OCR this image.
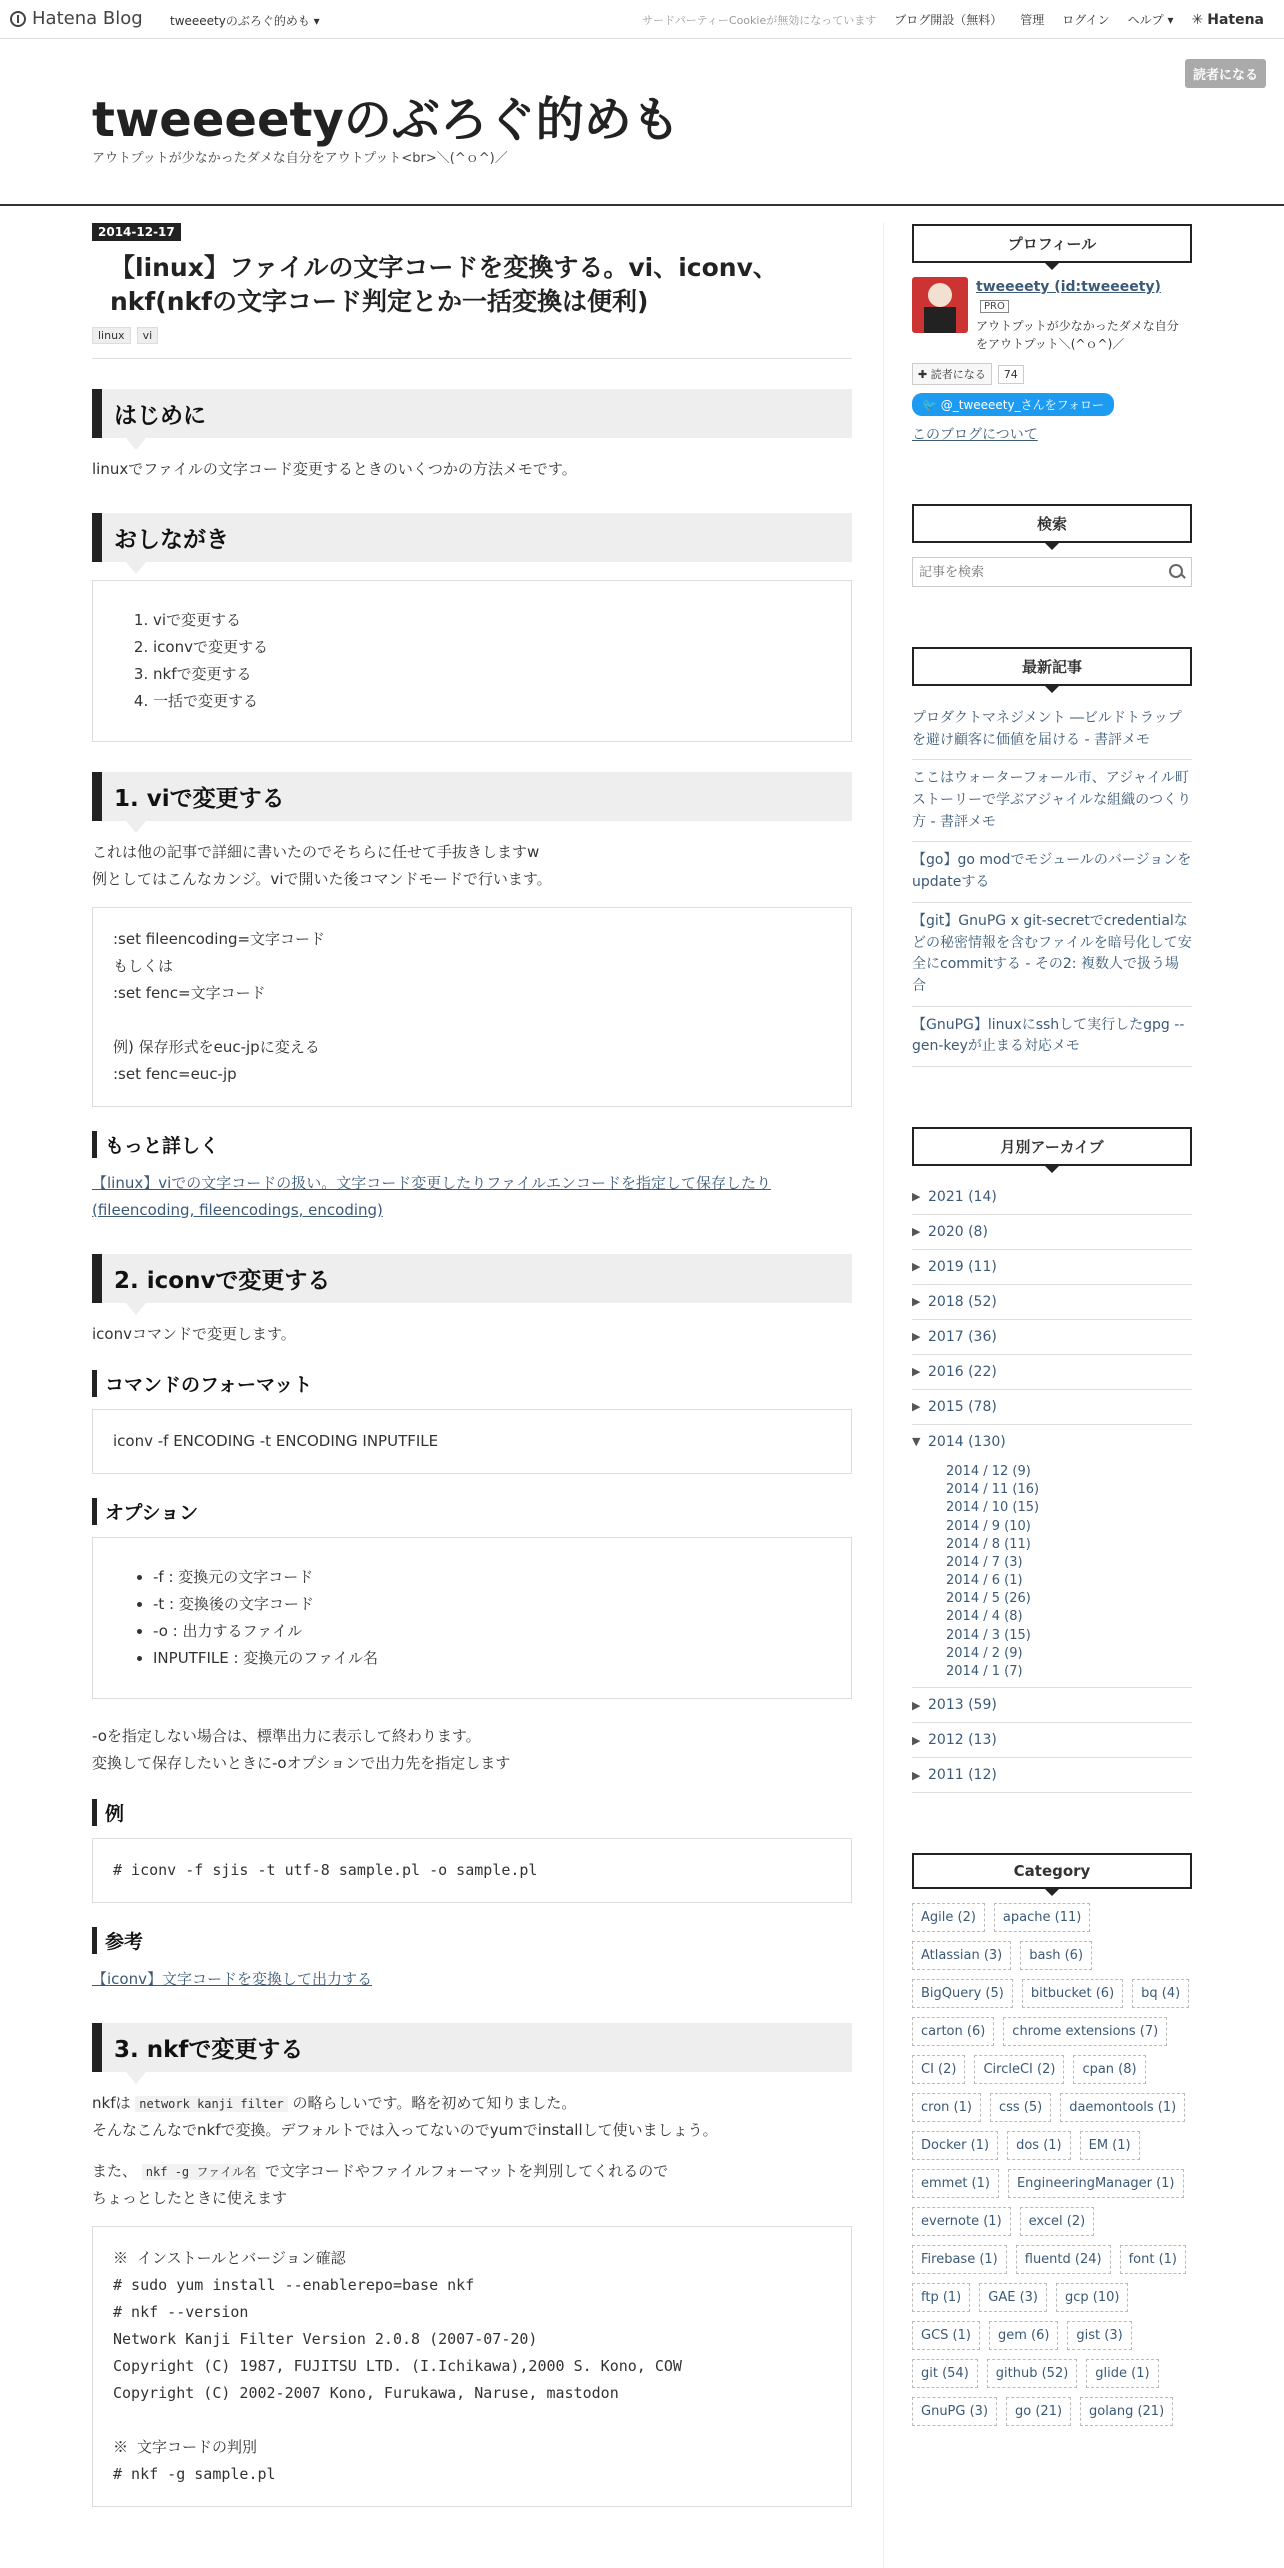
Hatena Blog tweeeetyのぶろぐ的めも ▾	サードパーティーCookieが無効になっています ブログ開設（無料） 管理 ログイン ヘルプ ▾ ✳ Hatena
読者になる
tweeeetyのぶろぐ的めも
アウトプットが少なかったダメな自分をアウトプット<br>＼(^ｏ^)／
2014-12-17
【linux】ファイルの文字コードを変換する。vi、iconv、nkf(nkfの文字コード判定とか一括変換は便利)
linux	vi
はじめに

linuxでファイルの文字コード変更するときのいくつかの方法メモです。

おしながき
1. viで変更する
2. iconvで変更する
3. nkfで変更する
4. 一括で変更する
1. viで変更する

これは他の記事で詳細に書いたのでそちらに任せて手抜きしますw

例としてはこんなカンジ。viで開いた後コマンドモードで行います。

:set fileencoding=文字コード
もしくは
:set fenc=文字コード
例) 保存形式をeuc-jpに変える
:set fenc=euc-jp
もっと詳しく

【linux】viでの文字コードの扱い。文字コード変更したりファイルエンコードを指定して保存したり(fileencoding, fileencodings, encoding)

2. iconvで変更する

iconvコマンドで変更します。

コマンドのフォーマット
iconv -f ENCODING -t ENCODING INPUTFILE
オプション
• -f : 変換元の文字コード
• -t : 変換後の文字コード
• -o : 出力するファイル
• INPUTFILE : 変換元のファイル名

-oを指定しない場合は、標準出力に表示して終わります。

変換して保存したいときに-oオプションで出力先を指定します

例
# iconv -f sjis -t utf-8 sample.pl -o sample.pl
参考

【iconv】文字コードを変換して出力する

3. nkfで変更する

nkfは network kanji filter の略らしいです。略を初めて知りました。

そんなこんなでnkfで変換。デフォルトでは入ってないのでyumでinstallして使いましょう。

また、 nkf -g ファイル名 で文字コードやファイルフォーマットを判別してくれるので

ちょっとしたときに使えます

※ インストールとバージョン確認
# sudo yum install --enablerepo=base nkf
# nkf --version
Network Kanji Filter Version 2.0.8 (2007-07-20)
Copyright (C) 1987, FUJITSU LTD. (I.Ichikawa),2000 S. Kono, COW
Copyright (C) 2002-2007 Kono, Furukawa, Naruse, mastodon
※ 文字コードの判別
# nkf -g sample.pl
プロフィール
tweeeety (id:tweeeety) PRO
アウトプットが少なかったダメな自分をアウトプット＼(^ｏ^)／
✚ 読者になる	74
🐦 @_tweeeety_さんをフォロー
このブログについて
検索
記事を検索
最新記事
プロダクトマネジメント ―ビルドトラップを避け顧客に価値を届ける - 書評メモ
ここはウォーターフォール市、アジャイル町 ストーリーで学ぶアジャイルな組織のつくり方 - 書評メモ
【go】go modでモジュールのバージョンをupdateする
【git】GnuPG x git-secretでcredentialなどの秘密情報を含むファイルを暗号化して安全にcommitする - その2: 複数人で扱う場合
【GnuPG】linuxにsshして実行したgpg --gen-keyが止まる対応メモ
月別アーカイブ
▶ 2021 (14)
▶ 2020 (8)
▶ 2019 (11)
▶ 2018 (52)
▶ 2017 (36)
▶ 2016 (22)
▶ 2015 (78)
▼ 2014 (130)
2014 / 12 (9)
2014 / 11 (16)
2014 / 10 (15)
2014 / 9 (10)
2014 / 8 (11)
2014 / 7 (3)
2014 / 6 (1)
2014 / 5 (26)
2014 / 4 (8)
2014 / 3 (15)
2014 / 2 (9)
2014 / 1 (7)
▶ 2013 (59)
▶ 2012 (13)
▶ 2011 (12)
Category
Agile (2)	apache (11)
Atlassian (3)	bash (6)
BigQuery (5)	bitbucket (6)	bq (4)
carton (6)	chrome extensions (7)
CI (2)	CircleCI (2)	cpan (8)
cron (1)	css (5)	daemontools (1)
Docker (1)	dos (1)	EM (1)
emmet (1)	EngineeringManager (1)
evernote (1)	excel (2)
Firebase (1)	fluentd (24)	font (1)
ftp (1)	GAE (3)	gcp (10)
GCS (1)	gem (6)	gist (3)
git (54)	github (52)	glide (1)
GnuPG (3)	go (21)	golang (21)
